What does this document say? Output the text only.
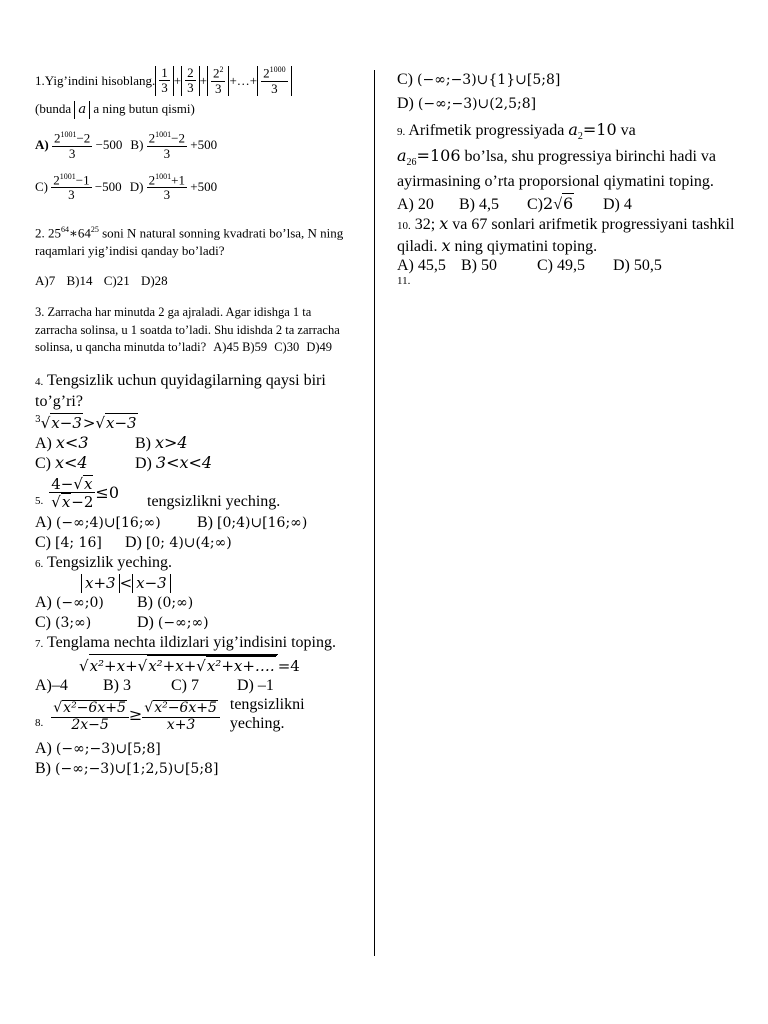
1.Yig’indini hisoblang. $\frac{1}{3} + \frac{2}{3} + \frac{2^2}{3}$ + … + $\frac{2^{1000}}{3}$
(bunda a a ning butun qismi)
$A) \frac{2^{1001}-2}{3} -500$ $B) \frac{2^{1001}-2}{3} +500$
$C) \frac{2^{1001}-1}{3} -500$ $D) \frac{2^{1001}+1}{3} +500$
2. $25^{64}∗64^{25}$ soni N natural sonning kvadrati bo’lsa, N ning raqamlari yig’indisi qanday bo’ladi?
A)7 B)14 C)21 D)28
3. Zarracha har minutda 2 ga ajraladi. Agar idishga 1 ta zarracha solinsa, u 1 soatda to’ladi. Shu idishda 2 ta zarracha solinsa, u qancha minutda to’ladi? A)45 B)59 C)30 D)49
4. Tengsizlik uchun quyidagilarning qaysi biri to’g’ri?
$^3$√x−3>√x−3
A) x<3	B) x>4
C) x<4	D) 3<x<4
5. $\frac{4-√x}{√x-2} \le 0$ tengsizlikni yeching.
A) (−∞;4)∪[16;∞) B) [0;4)∪[16;∞)
C) [4; 16] D) [0; 4)∪(4;∞)
6. Tengsizlik yeching.
x+3 < x−3
A) (−∞;0) B) (0;∞)
C) (3;∞)	D) (−∞;∞)
7. Tenglama nechta ildizlari yig’indisini toping.
√x²+x+√x²+x+√x²+x+…. =4
A)–4 B) 3	C) 7 D) –1
8. $\frac{\text{√x²−6x+5}}{2x-5} \ge \frac{\text{√x²−6x+5}}{x+3}$ tengsizlikni yeching.
A) (−∞;−3)∪[5;8]
B) (−∞;−3)∪[1;2,5)∪[5;8]
C) (−∞;−3)∪{1}∪[5;8]
D) (−∞;−3)∪(2,5;8]
9. Arifmetik progressiyada $a_2=10$ va
$a_{26}=106$ bo’lsa, shu progressiya birinchi hadi va ayirmasining o’rta proporsional qiymatini toping.
A) 20 B) 4,5 C)2√6 D) 4
10. 32; x va 67 sonlari arifmetik progressiyani tashkil qiladi. x ning qiymatini toping.
A) 45,5 B) 50	C) 49,5 D) 50,5
11.
